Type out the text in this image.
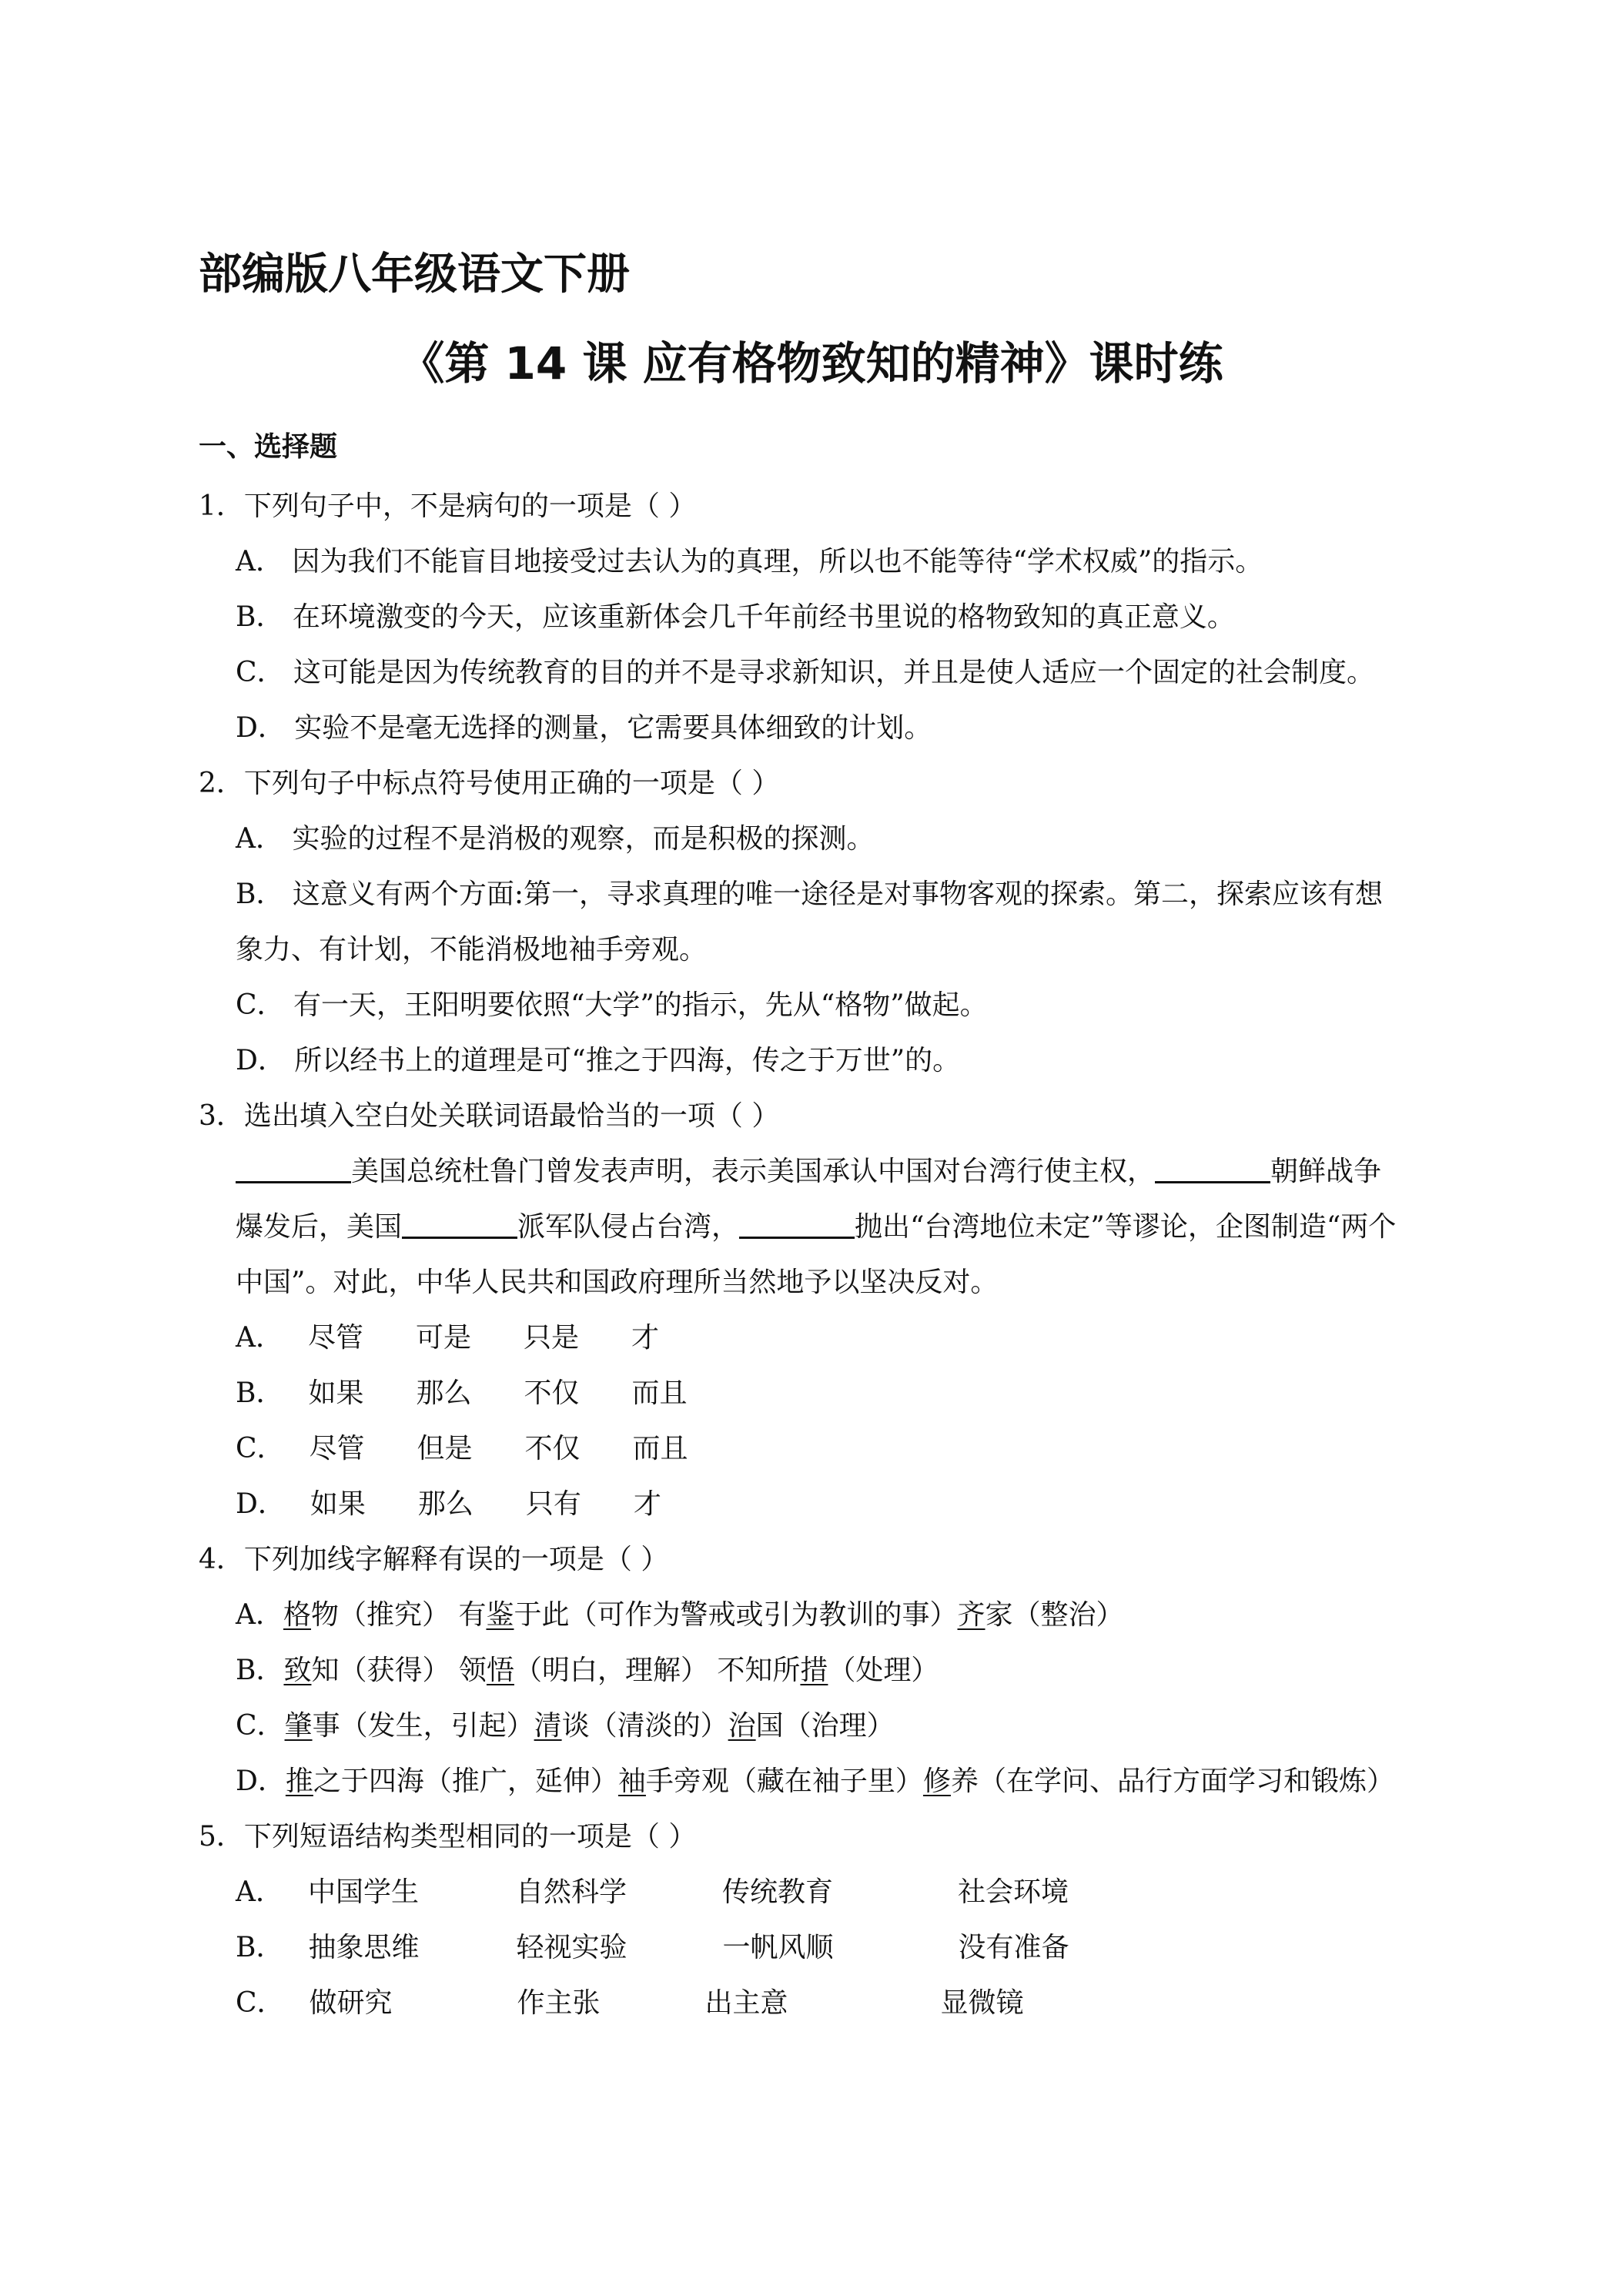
部编版八年级语文下册
《第 14 课 应有格物致知的精神》课时练
一、选择题
1．下列句子中，不是病句的一项是（ ）
A． 因为我们不能盲目地接受过去认为的真理，所以也不能等待“学术权威”的指示。
B． 在环境激变的今天，应该重新体会几千年前经书里说的格物致知的真正意义。
C． 这可能是因为传统教育的目的并不是寻求新知识，并且是使人适应一个固定的社会制度。
D． 实验不是毫无选择的测量，它需要具体细致的计划。
2．下列句子中标点符号使用正确的一项是（ ）
A． 实验的过程不是消极的观察，而是积极的探测。
B． 这意义有两个方面:第一，寻求真理的唯一途径是对事物客观的探索。第二，探索应该有想
象力、有计划，不能消极地袖手旁观。
C． 有一天，王阳明要依照“大学”的指示，先从“格物”做起。
D． 所以经书上的道理是可“推之于四海，传之于万世”的。
3．选出填入空白处关联词语最恰当的一项（ ）
美国总统杜鲁门曾发表声明，表示美国承认中国对台湾行使主权，	朝鲜战争
爆发后，美国	派军队侵占台湾，	抛出“台湾地位未定”等谬论，企图制造“两个
中国”。对此，中华人民共和国政府理所当然地予以坚决反对。
A． 尽管 可是 只是 才
B． 如果 那么 不仅 而且
C． 尽管 但是 不仅 而且
D． 如果 那么 只有 才
4．下列加线字解释有误的一项是（ ）
A．格物（推究） 有鉴于此（可作为警戒或引为教训的事）齐家（整治）
B．致知（获得） 领悟（明白，理解） 不知所措（处理）
C．肇事（发生，引起）清谈（清淡的）治国（治理）
D．推之于四海（推广，延伸）袖手旁观（藏在袖子里）修养（在学问、品行方面学习和锻炼）
5．下列短语结构类型相同的一项是（ ）
A． 中国学生	自然科学	传统教育	社会环境
B． 抽象思维	轻视实验	一帆风顺	没有准备
C． 做研究	作主张	出主意	显微镜
